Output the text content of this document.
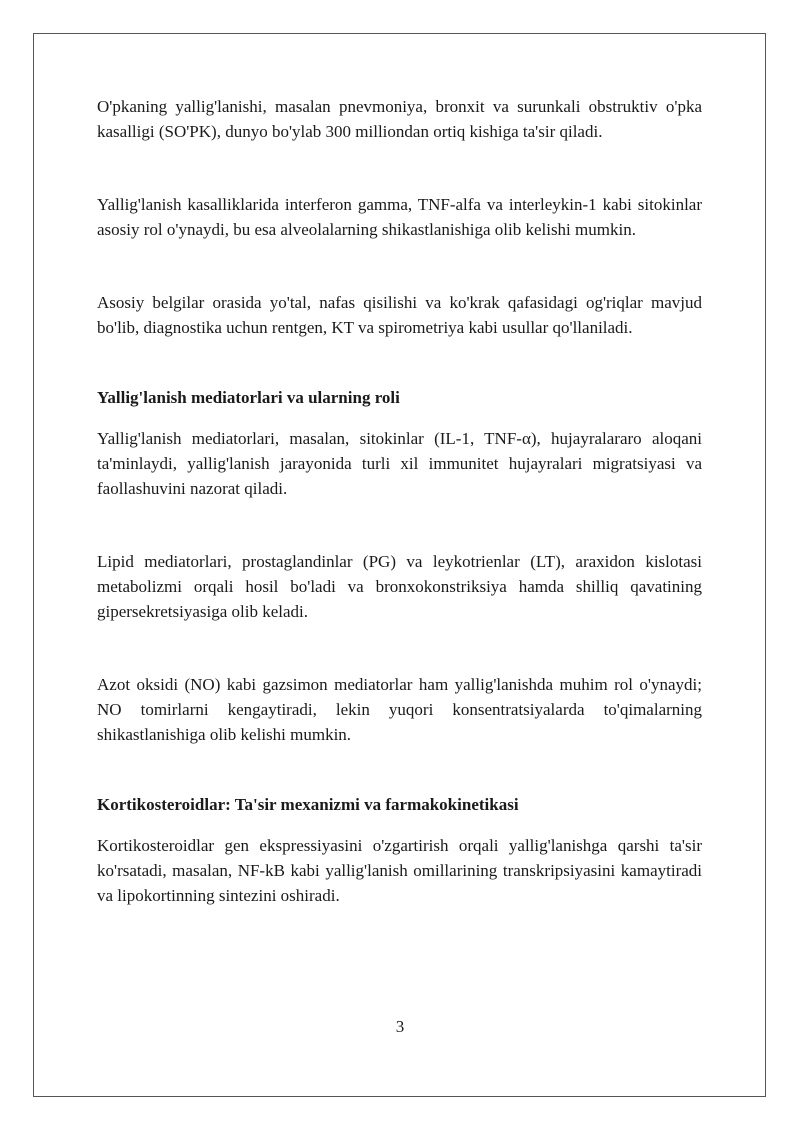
O'pkaning yallig'lanishi, masalan pnevmoniya, bronxit va surunkali obstruktiv o'pka kasalligi (SO'PK), dunyo bo'ylab 300 milliondan ortiq kishiga ta'sir qiladi.

Yallig'lanish kasalliklarida interferon gamma, TNF-alfa va interleykin-1 kabi sitokinlar asosiy rol o'ynaydi, bu esa alveolalarning shikastlanishiga olib kelishi mumkin.

Asosiy belgilar orasida yo'tal, nafas qisilishi va ko'krak qafasidagi og'riqlar mavjud bo'lib, diagnostika uchun rentgen, KT va spirometriya kabi usullar qo'llaniladi.

Yallig'lanish mediatorlari va ularning roli

Yallig'lanish mediatorlari, masalan, sitokinlar (IL-1, TNF-α), hujayralararo aloqani ta'minlaydi, yallig'lanish jarayonida turli xil immunitet hujayralari migratsiyasi va faollashuvini nazorat qiladi.

Lipid mediatorlari, prostaglandinlar (PG) va leykotrienlar (LT), araxidon kislotasi metabolizmi orqali hosil bo'ladi va bronxokonstriksiya hamda shilliq qavatining gipersekretsiyasiga olib keladi.

Azot oksidi (NO) kabi gazsimon mediatorlar ham yallig'lanishda muhim rol o'ynaydi; NO tomirlarni kengaytiradi, lekin yuqori konsentratsiyalarda to'qimalarning shikastlanishiga olib kelishi mumkin.

Kortikosteroidlar: Ta'sir mexanizmi va farmakokinetikasi

Kortikosteroidlar gen ekspressiyasini o'zgartirish orqali yallig'lanishga qarshi ta'sir ko'rsatadi, masalan, NF-kB kabi yallig'lanish omillarining transkripsiyasini kamaytiradi va lipokortinning sintezini oshiradi.

3
